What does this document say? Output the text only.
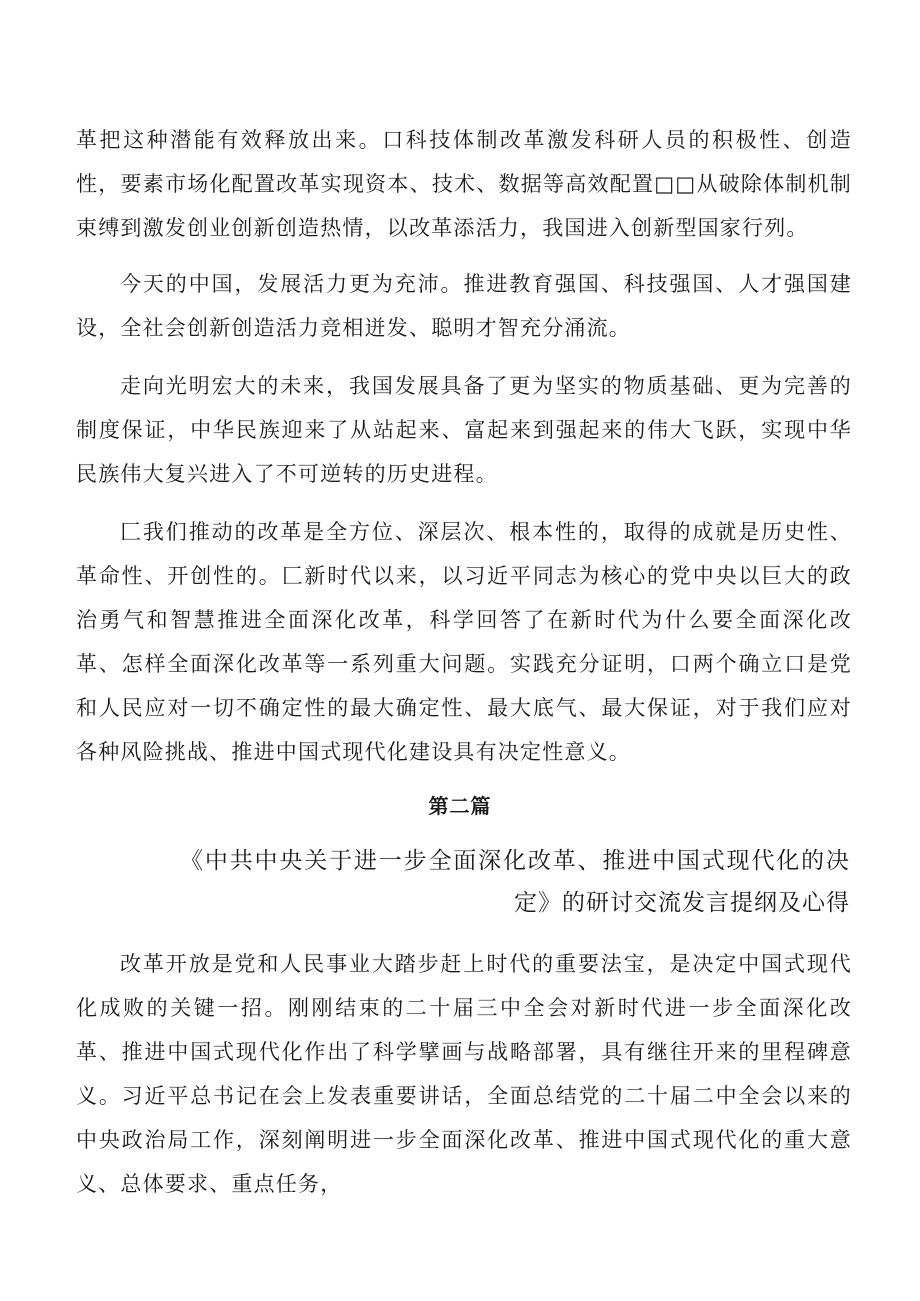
革把这种潜能有效释放出来。口科技体制改革激发科研人员的积极性、创造性，要素市场化配置改革实现资本、技术、数据等高效配置□□从破除体制机制束缚到激发创业创新创造热情，以改革添活力，我国进入创新型国家行列。

今天的中国，发展活力更为充沛。推进教育强国、科技强国、人才强国建设，全社会创新创造活力竞相迸发、聪明才智充分涌流。

走向光明宏大的未来，我国发展具备了更为坚实的物质基础、更为完善的制度保证，中华民族迎来了从站起来、富起来到强起来的伟大飞跃，实现中华民族伟大复兴进入了不可逆转的历史进程。

匚我们推动的改革是全方位、深层次、根本性的，取得的成就是历史性、革命性、开创性的。匚新时代以来，以习近平同志为核心的党中央以巨大的政治勇气和智慧推进全面深化改革，科学回答了在新时代为什么要全面深化改革、怎样全面深化改革等一系列重大问题。实践充分证明，口两个确立口是党和人民应对一切不确定性的最大确定性、最大底气、最大保证，对于我们应对各种风险挑战、推进中国式现代化建设具有决定性意义。

第二篇
《中共中央关于进一步全面深化改革、推进中国式现代化的决定》的研讨交流发言提纲及心得

改革开放是党和人民事业大踏步赶上时代的重要法宝，是决定中国式现代化成败的关键一招。刚刚结束的二十届三中全会对新时代进一步全面深化改革、推进中国式现代化作出了科学擘画与战略部署，具有继往开来的里程碑意义。习近平总书记在会上发表重要讲话，全面总结党的二十届二中全会以来的中央政治局工作，深刻阐明进一步全面深化改革、推进中国式现代化的重大意义、总体要求、重点任务，
